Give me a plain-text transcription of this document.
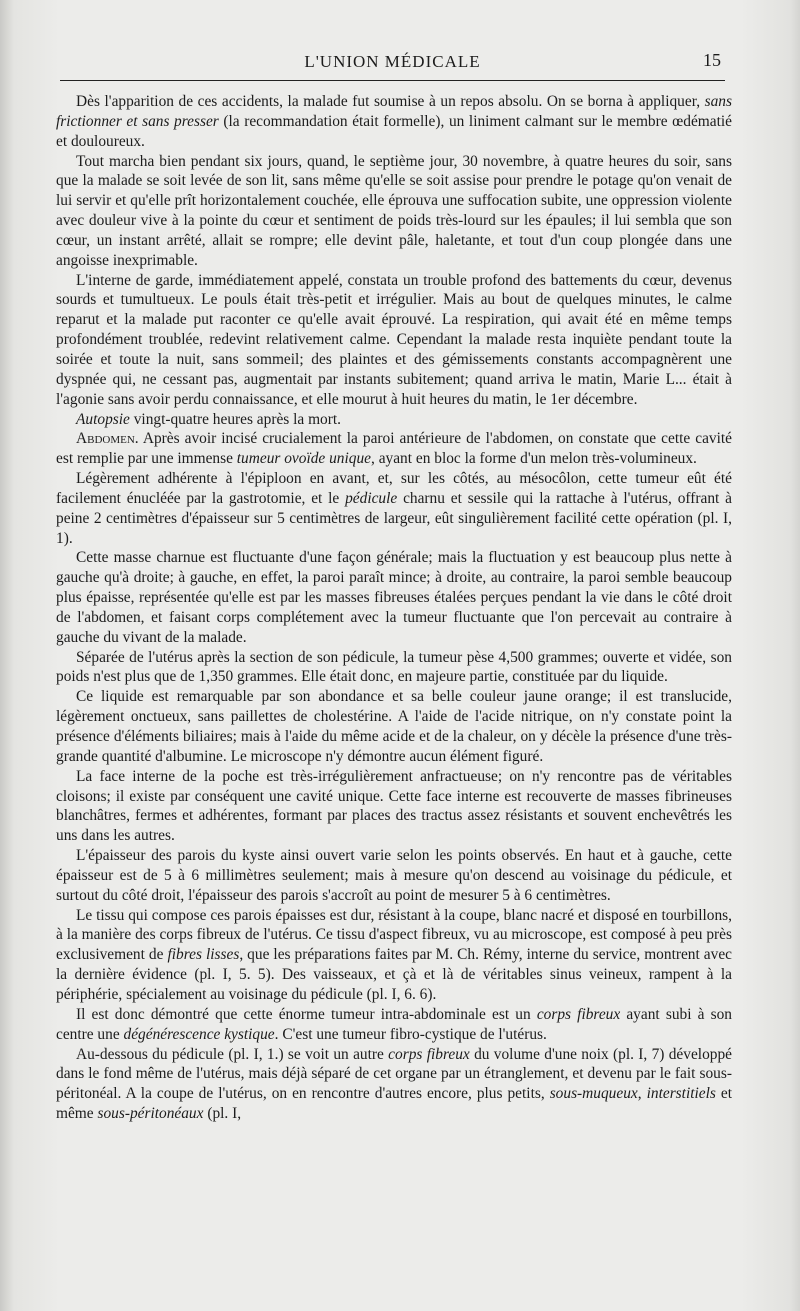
L'UNION MÉDICALE	15

Dès l'apparition de ces accidents, la malade fut soumise à un repos absolu. On se borna à appliquer, sans frictionner et sans presser (la recommandation était formelle), un liniment calmant sur le membre œdématié et douloureux.

Tout marcha bien pendant six jours, quand, le septième jour, 30 novembre, à quatre heures du soir, sans que la malade se soit levée de son lit, sans même qu'elle se soit assise pour prendre le potage qu'on venait de lui servir et qu'elle prît horizontalement couchée, elle éprouva une suffocation subite, une oppression violente avec douleur vive à la pointe du cœur et sentiment de poids très-lourd sur les épaules; il lui sembla que son cœur, un instant arrêté, allait se rompre; elle devint pâle, haletante, et tout d'un coup plongée dans une angoisse inexprimable.

L'interne de garde, immédiatement appelé, constata un trouble profond des battements du cœur, devenus sourds et tumultueux. Le pouls était très-petit et irrégulier. Mais au bout de quelques minutes, le calme reparut et la malade put raconter ce qu'elle avait éprouvé. La respiration, qui avait été en même temps profondément troublée, redevint relativement calme. Cependant la malade resta inquiète pendant toute la soirée et toute la nuit, sans sommeil; des plaintes et des gémissements constants accompagnèrent une dyspnée qui, ne cessant pas, augmentait par instants subitement; quand arriva le matin, Marie L... était à l'agonie sans avoir perdu connaissance, et elle mourut à huit heures du matin, le 1er décembre.

Autopsie vingt-quatre heures après la mort.

Abdomen. Après avoir incisé crucialement la paroi antérieure de l'abdomen, on constate que cette cavité est remplie par une immense tumeur ovoïde unique, ayant en bloc la forme d'un melon très-volumineux.

Légèrement adhérente à l'épiploon en avant, et, sur les côtés, au mésocôlon, cette tumeur eût été facilement énucléée par la gastrotomie, et le pédicule charnu et sessile qui la rattache à l'utérus, offrant à peine 2 centimètres d'épaisseur sur 5 centimètres de largeur, eût singulièrement facilité cette opération (pl. I, 1).

Cette masse charnue est fluctuante d'une façon générale; mais la fluctuation y est beaucoup plus nette à gauche qu'à droite; à gauche, en effet, la paroi paraît mince; à droite, au contraire, la paroi semble beaucoup plus épaisse, représentée qu'elle est par les masses fibreuses étalées perçues pendant la vie dans le côté droit de l'abdomen, et faisant corps complétement avec la tumeur fluctuante que l'on percevait au contraire à gauche du vivant de la malade.

Séparée de l'utérus après la section de son pédicule, la tumeur pèse 4,500 grammes; ouverte et vidée, son poids n'est plus que de 1,350 grammes. Elle était donc, en majeure partie, constituée par du liquide.

Ce liquide est remarquable par son abondance et sa belle couleur jaune orange; il est translucide, légèrement onctueux, sans paillettes de cholestérine. A l'aide de l'acide nitrique, on n'y constate point la présence d'éléments biliaires; mais à l'aide du même acide et de la chaleur, on y décèle la présence d'une très-grande quantité d'albumine. Le microscope n'y démontre aucun élément figuré.

La face interne de la poche est très-irrégulièrement anfractueuse; on n'y rencontre pas de véritables cloisons; il existe par conséquent une cavité unique. Cette face interne est recouverte de masses fibrineuses blanchâtres, fermes et adhérentes, formant par places des tractus assez résistants et souvent enchevêtrés les uns dans les autres.

L'épaisseur des parois du kyste ainsi ouvert varie selon les points observés. En haut et à gauche, cette épaisseur est de 5 à 6 millimètres seulement; mais à mesure qu'on descend au voisinage du pédicule, et surtout du côté droit, l'épaisseur des parois s'accroît au point de mesurer 5 à 6 centimètres.

Le tissu qui compose ces parois épaisses est dur, résistant à la coupe, blanc nacré et disposé en tourbillons, à la manière des corps fibreux de l'utérus. Ce tissu d'aspect fibreux, vu au microscope, est composé à peu près exclusivement de fibres lisses, que les préparations faites par M. Ch. Rémy, interne du service, montrent avec la dernière évidence (pl. I, 5. 5). Des vaisseaux, et çà et là de véritables sinus veineux, rampent à la périphérie, spécialement au voisinage du pédicule (pl. I, 6. 6).

Il est donc démontré que cette énorme tumeur intra-abdominale est un corps fibreux ayant subi à son centre une dégénérescence kystique. C'est une tumeur fibro-cystique de l'utérus.

Au-dessous du pédicule (pl. I, 1.) se voit un autre corps fibreux du volume d'une noix (pl. I, 7) développé dans le fond même de l'utérus, mais déjà séparé de cet organe par un étranglement, et devenu par le fait sous-péritonéal. A la coupe de l'utérus, on en rencontre d'autres encore, plus petits, sous-muqueux, interstitiels et même sous-péritonéaux (pl. I,
